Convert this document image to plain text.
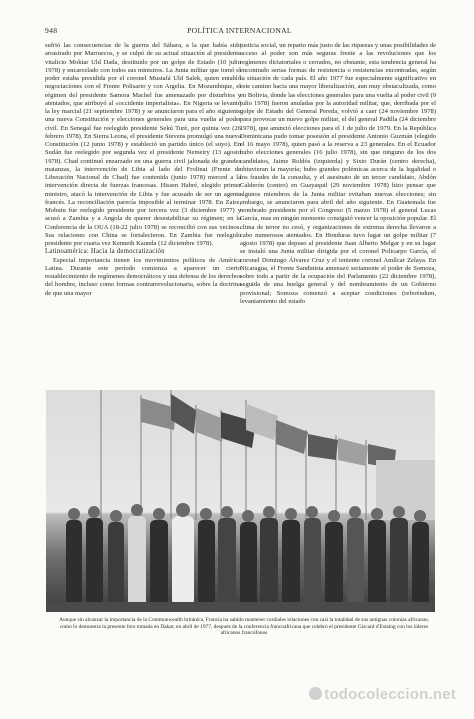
948	POLÍTICA INTERNACIONAL

sufrió las consecuencias de la guerra del Sáhara, a la que había sido arrastrado por Marruecos, y se culpó de su actual situación al presidente vitalicio Moktar Uld Dada, destituido por un golpe de Estado (10 julio 1978) y encarcelado con todos sus ministros. La Junta militar que tomó el poder estaba presidida por el coronel Mustafá Uld Salek, quien entabló negociaciones con el Frente Polisario y con Argelia. En Mozambique, el régimen del presidente Samora Machel fue amenazado por disturbios y atentados, que atribuyó al «occidente imperialista». En Nigeria se levantó la ley marcial (21 septiembre 1978) y se anunciaron para el año siguiente una nueva Constitución y elecciones generales para una vuelta al poder civil. En Senegal fue reelegido presidente Sekú Turé, por quinta vez (26 febrero 1978). En Sierra Leona, el presidente Stevens promulgó una nueva Constitución (12 junio 1978) y estableció un partido único (el suyo). En Sudán fue reelegido por segunda vez el presidente Nemeiry (13 agosto 1978). Chad continuó enzarzado en una guerra civil jalonada de grandes matanzas, la intervención de Libia al lado del Frolinat (Frente de Liberación Nacional de Chad) fue contenida (junio 1978) merced a la intervención directa de fuerzas francesas. Hissen Habré, elegido primer ministro, atacó la intervención de Libia y fue acusado de ser un agente francés. La reconciliación parecía imposible al terminar 1978. En Zaire, Mobutu fue reelegido presidente por tercera vez (3 diciembre 1977) y acusó a Zambia y a Angola de querer desestabilizar su régimen; en la Conferencia de la OUA (18-22 julio 1978) se reconcilió con sus vecinos. Sus relaciones con China se fortalecieron. En Zambia fue reelegido presidente por cuarta vez Kenneth Kaunda (12 diciembre 1978).

Latinoamérica: Hacia la democratización

Especial importancia tienen los movimientos políticos de América Latina. Durante este período comienza a aparecer un cierto restablecimiento de regímenes democráticos y una defensa de los derechos del hombre, incluso como formas contrarrevolucionaria, sobre la doctrina de que una mayor

justicia social, un reparto más justo de las riquezas y unas posibilidades de acceso al poder son más seguras frente a las revoluciones que los regímenes dictatoriales o cerrados, no obstante, esta tendencia general ha encontrado serias formas de resistencia o resistencias encontradas, según la situación de cada país. El año 1977 fue especialmente significativo en este camino hacia una mayor liberalización, aun muy obstaculizada, como en Bolivia, donde las elecciones generales para una vuelta al poder civil (9 julio 1978) fueron anuladas por la autoridad militar, que, derribada por el golpe de Estado del General Pereda, volvió a caer (24 noviembre 1978) para provocar un nuevo golpe militar, el del general Padilla (24 diciembre 1978), que anunció elecciones para el 1 de julio de 1979. En la República Dominicana pudo tomar posesión el presidente Antonio Guzmán (elegido el 16 mayo 1978), quien pasó a la reserva a 23 generales. En el Ecuador hubo elecciones generales (16 julio 1978), sin que ninguno de los dos candidatos, Jaime Roldós (izquierda) y Sixto Durán (centro derecha), obtuvieran la mayoría; hubo grandes polémicas acerca de la legalidad o los fraudes de la consulta, y el asesinato de un tercer candidato, Abdón Calderón (centro) en Guayaquil (29 noviembre 1978) hizo pensar que algunos miembros de la Junta militar evitaban nuevas elecciones; sin embargo, se anunciaron para abril del año siguiente. En Guatemala fue nombrado presidente por el Congreso (5 marzo 1978) el general Lucas García, mas en ningún momento consiguió vencer la oposición popular. El clima de terror no cesó, y organizaciones de extrema derecha llevaron a cabo numerosos atentados. En Honduras tuvo lugar un golpe militar (7 agosto 1978) que depuso al presidente Juan Alberto Melgar y en su lugar se instaló una Junta militar dirigida por el coronel Policarpo García, el coronel Domingo Álvarez Cruz y el teniente coronel Amílcar Zelaya. En Nicaragua, el Frente Sandinista amenazó seriamente el poder de Somoza, sobre todo a partir de la ocupación del Parlamento (22 diciembre 1978), seguida de una huelga general y del nombramiento de un Gobierno provisional; Somoza comenzó a aceptar condiciones (referéndum, levantamiento del estado

Aunque sin alcanzar la importancia de la Commonwealth británica, Francia ha sabido mantener cordiales relaciones con casi la totalidad de sus antiguas colonias africanas, como lo demuestra la presente foto tomada en Dakar, en abril de 1977, después de la conferencia francoafricana que celebró el presidente Giscard d'Estaing con los líderes africanos francófonos
todocoleccion.net
